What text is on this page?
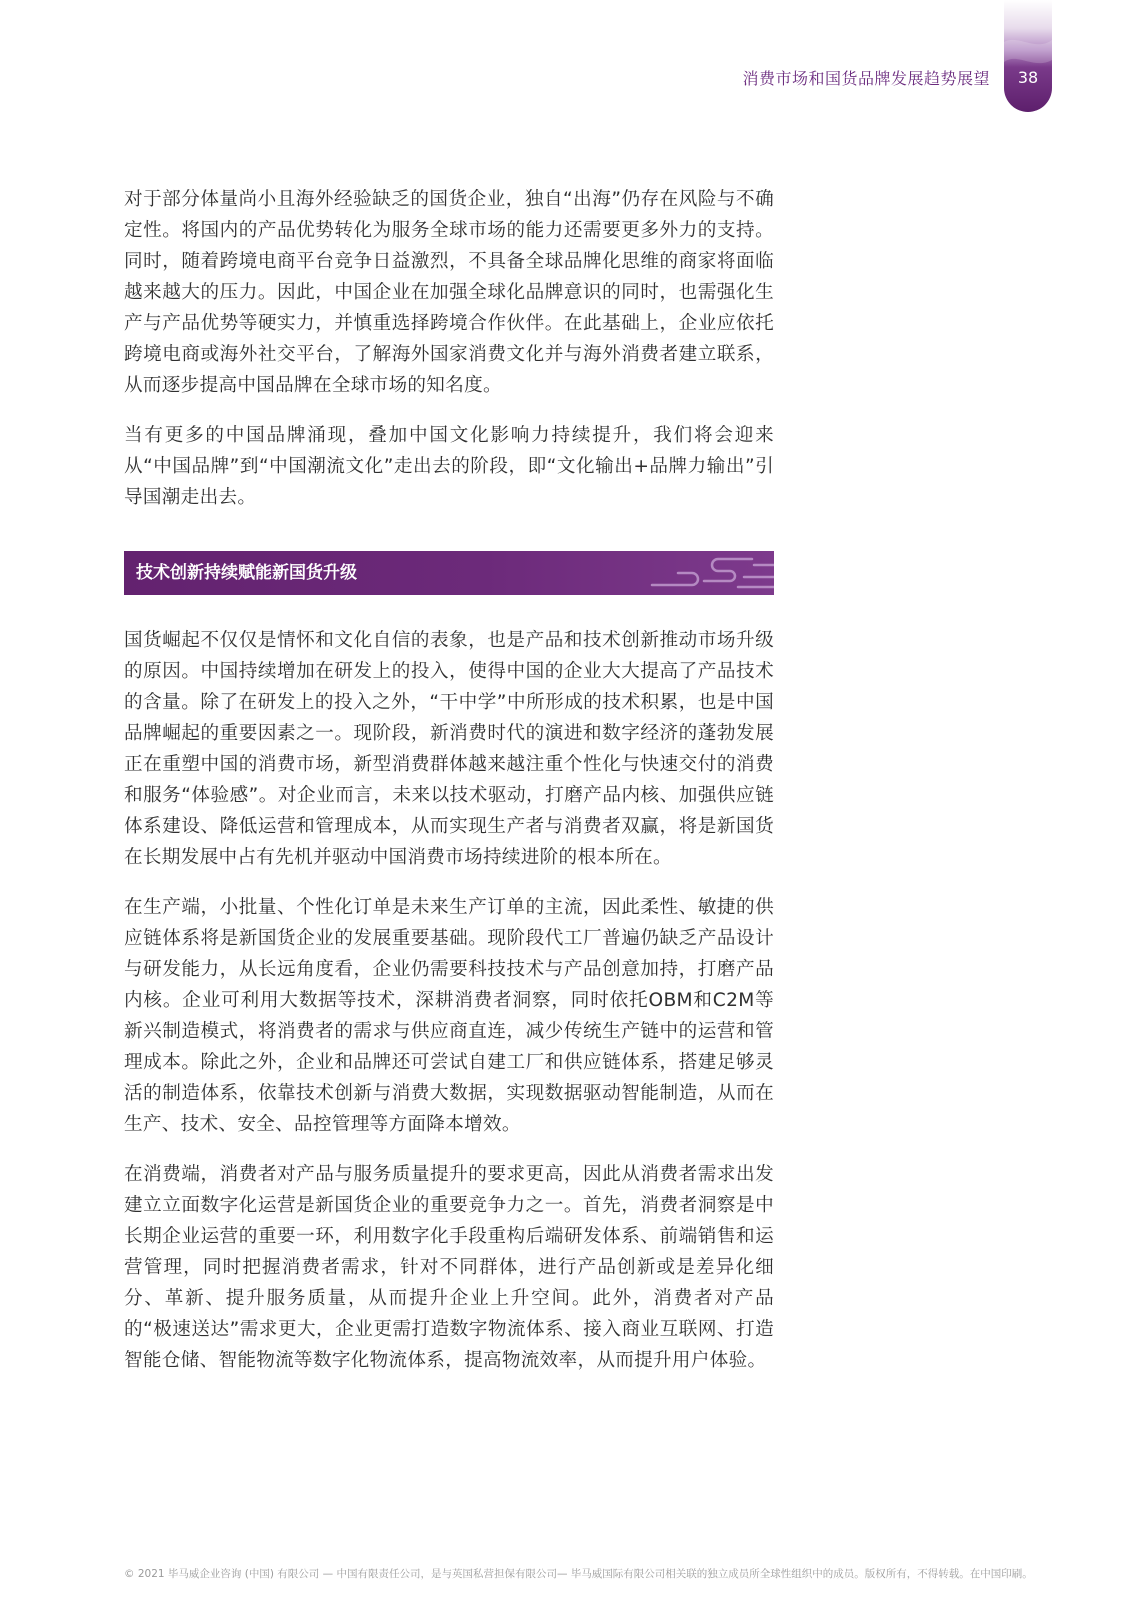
消费市场和国货品牌发展趋势展望	38

对于部分体量尚小且海外经验缺乏的国货企业，独自“出海”仍存在风险与不确定性。将国内的产品优势转化为服务全球市场的能力还需要更多外力的支持。同时，随着跨境电商平台竞争日益激烈，不具备全球品牌化思维的商家将面临越来越大的压力。因此，中国企业在加强全球化品牌意识的同时，也需强化生产与产品优势等硬实力，并慎重选择跨境合作伙伴。在此基础上，企业应依托跨境电商或海外社交平台，了解海外国家消费文化并与海外消费者建立联系，从而逐步提高中国品牌在全球市场的知名度。

当有更多的中国品牌涌现，叠加中国文化影响力持续提升，我们将会迎来从“中国品牌”到“中国潮流文化”走出去的阶段，即“文化输出+品牌力输出”引导国潮走出去。

技术创新持续赋能新国货升级

国货崛起不仅仅是情怀和文化自信的表象，也是产品和技术创新推动市场升级的原因。中国持续增加在研发上的投入，使得中国的企业大大提高了产品技术的含量。除了在研发上的投入之外，“干中学”中所形成的技术积累，也是中国品牌崛起的重要因素之一。现阶段，新消费时代的演进和数字经济的蓬勃发展正在重塑中国的消费市场，新型消费群体越来越注重个性化与快速交付的消费和服务“体验感”。对企业而言，未来以技术驱动，打磨产品内核、加强供应链体系建设、降低运营和管理成本，从而实现生产者与消费者双赢，将是新国货在长期发展中占有先机并驱动中国消费市场持续进阶的根本所在。

在生产端，小批量、个性化订单是未来生产订单的主流，因此柔性、敏捷的供应链体系将是新国货企业的发展重要基础。现阶段代工厂普遍仍缺乏产品设计与研发能力，从长远角度看，企业仍需要科技技术与产品创意加持，打磨产品内核。企业可利用大数据等技术，深耕消费者洞察，同时依托OBM和C2M等新兴制造模式，将消费者的需求与供应商直连，减少传统生产链中的运营和管理成本。除此之外，企业和品牌还可尝试自建工厂和供应链体系，搭建足够灵活的制造体系，依靠技术创新与消费大数据，实现数据驱动智能制造，从而在生产、技术、安全、品控管理等方面降本增效。

在消费端，消费者对产品与服务质量提升的要求更高，因此从消费者需求出发建立立面数字化运营是新国货企业的重要竞争力之一。首先，消费者洞察是中长期企业运营的重要一环，利用数字化手段重构后端研发体系、前端销售和运营管理，同时把握消费者需求，针对不同群体，进行产品创新或是差异化细分、革新、提升服务质量，从而提升企业上升空间。此外，消费者对产品的“极速送达”需求更大，企业更需打造数字物流体系、接入商业互联网、打造智能仓储、智能物流等数字化物流体系，提高物流效率，从而提升用户体验。

© 2021 毕马威企业咨询 (中国) 有限公司 — 中国有限责任公司，是与英国私营担保有限公司— 毕马威国际有限公司相关联的独立成员所全球性组织中的成员。版权所有，不得转载。在中国印刷。
